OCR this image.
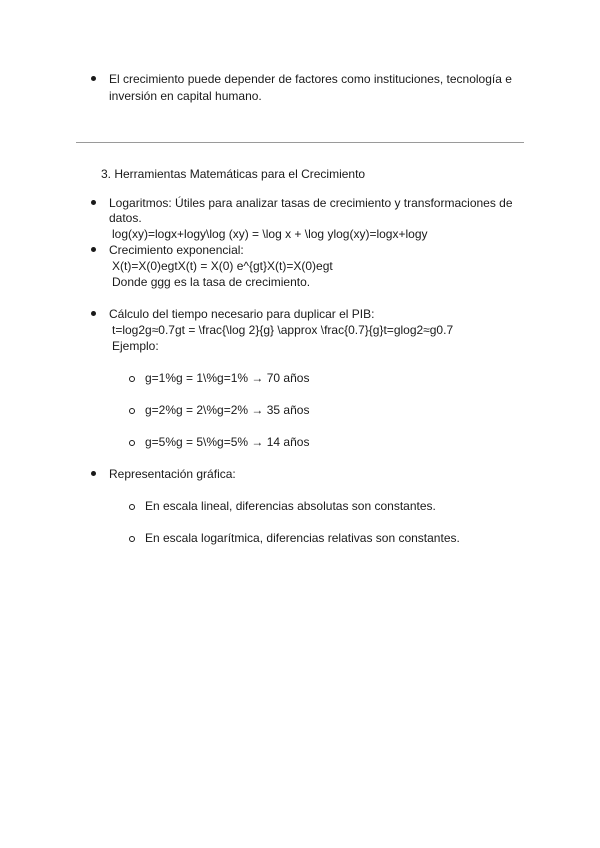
El crecimiento puede depender de factores como instituciones, tecnología e
inversión en capital humano.
3. Herramientas Matemáticas para el Crecimiento
Logaritmos: Útiles para analizar tasas de crecimiento y transformaciones de
datos.
log(xy)=logx+logy\log (xy) = \log x + \log ylog(xy)=logx+logy
Crecimiento exponencial:
X(t)=X(0)egtX(t) = X(0) e^{gt}X(t)=X(0)egt
Donde ggg es la tasa de crecimiento.
Cálculo del tiempo necesario para duplicar el PIB:
t=log2g≈0.7gt = \frac{\log 2}{g} \approx \frac{0.7}{g}t=glog2≈g0.7
Ejemplo:
g=1%g = 1\%g=1% → 70 años
g=2%g = 2\%g=2% → 35 años
g=5%g = 5\%g=5% → 14 años
Representación gráfica:
En escala lineal, diferencias absolutas son constantes.
En escala logarítmica, diferencias relativas son constantes.
